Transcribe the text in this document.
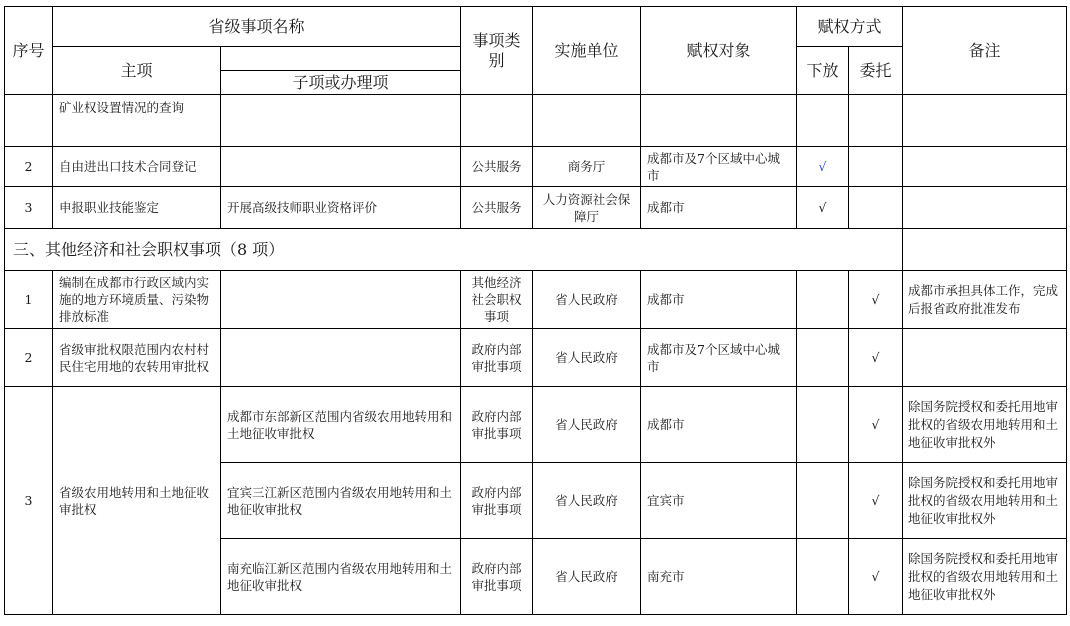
序号	省级事项名称		事项类别	实施单位	赋权对象	赋权方式		备注
	主项					下放	委托	
		子项或办理项						
	矿业权设置情况的查询							
2	自由进出口技术合同登记		公共服务	商务厅	成都市及7个区域中心城市	√		
3	申报职业技能鉴定	开展高级技师职业资格评价	公共服务	人力资源社会保障厅	成都市	√		
三、其他经济和社会职权事项（8 项）								
1	编制在成都市行政区域内实施的地方环境质量、污染物排放标准		其他经济社会职权事项	省人民政府	成都市		√	成都市承担具体工作，完成后报省政府批准发布
2	省级审批权限范围内农村村民住宅用地的农转用审批权		政府内部审批事项	省人民政府	成都市及7个区域中心城市		√	
3	省级农用地转用和土地征收审批权	成都市东部新区范围内省级农用地转用和土地征收审批权	政府内部审批事项	省人民政府	成都市		√	除国务院授权和委托用地审批权的省级农用地转用和土地征收审批权外
		宜宾三江新区范围内省级农用地转用和土地征收审批权	政府内部审批事项	省人民政府	宜宾市		√	除国务院授权和委托用地审批权的省级农用地转用和土地征收审批权外
		南充临江新区范围内省级农用地转用和土地征收审批权	政府内部审批事项	省人民政府	南充市		√	除国务院授权和委托用地审批权的省级农用地转用和土地征收审批权外
